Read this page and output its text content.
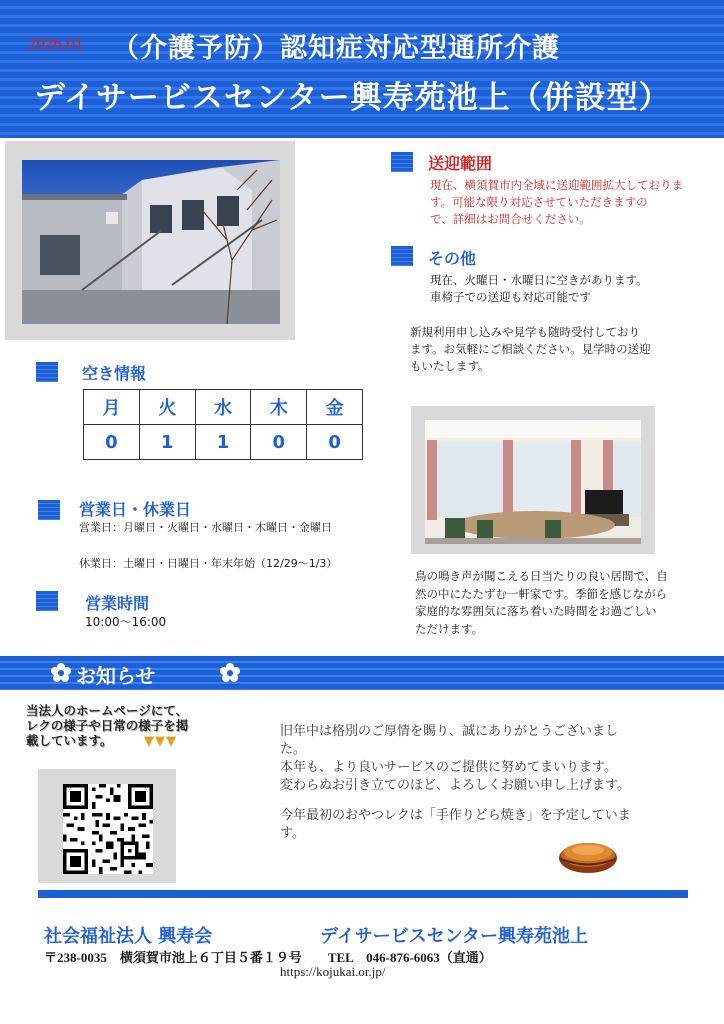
2026.01 （介護予防）認知症対応型通所介護
デイサービスセンター興寿苑池上（併設型）
送迎範囲
現在、横須賀市内全域に送迎範囲拡大しておりま
す。可能な限り対応させていただきますの
で、詳細はお問合せください。
その他
現在、火曜日・水曜日に空きがあります。
車椅子での送迎も対応可能です
新規利用申し込みや見学も随時受付しており
ます。お気軽にご相談ください。見学時の送迎
もいたします。
空き情報
月	火	水	木	金
0	1	1	0	0
営業日・休業日
営業日：月曜日・火曜日・水曜日・木曜日・金曜日
休業日：土曜日・日曜日・年末年始（12/29～1/3）
営業時間
10:00～16:00
鳥の鳴き声が聞こえる日当たりの良い居間で、自
然の中にたたずむ一軒家です。季節を感じながら
家庭的な雰囲気に落ち着いた時間をお過ごしい
ただけます。
お知らせ
当法人のホームページにて、
レクの様子や日常の様子を掲
載しています。	▼▼▼
旧年中は格別のご厚情を賜り、誠にありがとうございまし
た。
本年も、より良いサービスのご提供に努めてまいります。
変わらぬお引き立てのほど、よろしくお願い申し上げます。
今年最初のおやつレクは「手作りどら焼き」を予定していま
す。
社会福祉法人 興寿会	デイサービスセンター興寿苑池上
〒238-0035　横須賀市池上６丁目５番１９号　　TEL　046-876-6063（直通）
https://kojukai.or.jp/
